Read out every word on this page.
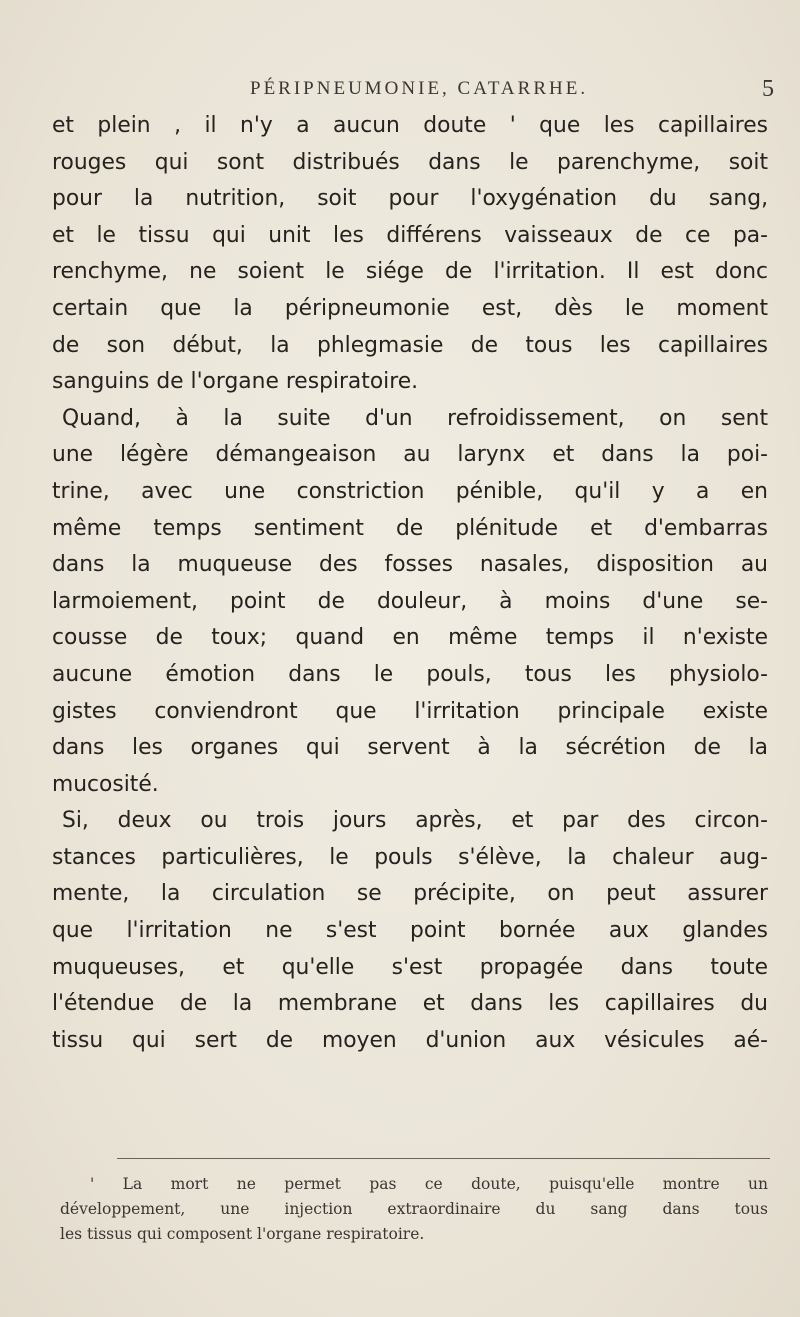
PÉRIPNEUMONIE, CATARRHE.	5
et plein , il n'y a aucun doute ' que les capillaires
rouges qui sont distribués dans le parenchyme, soit
pour la nutrition, soit pour l'oxygénation du sang,
et le tissu qui unit les différens vaisseaux de ce pa-
renchyme, ne soient le siége de l'irritation. Il est donc
certain que la péripneumonie est, dès le moment
de son début, la phlegmasie de tous les capillaires
sanguins de l'organe respiratoire.
Quand, à la suite d'un refroidissement, on sent
une légère démangeaison au larynx et dans la poi-
trine, avec une constriction pénible, qu'il y a en
même temps sentiment de plénitude et d'embarras
dans la muqueuse des fosses nasales, disposition au
larmoiement, point de douleur, à moins d'une se-
cousse de toux; quand en même temps il n'existe
aucune émotion dans le pouls, tous les physiolo-
gistes conviendront que l'irritation principale existe
dans les organes qui servent à la sécrétion de la
mucosité.
Si, deux ou trois jours après, et par des circon-
stances particulières, le pouls s'élève, la chaleur aug-
mente, la circulation se précipite, on peut assurer
que l'irritation ne s'est point bornée aux glandes
muqueuses, et qu'elle s'est propagée dans toute
l'étendue de la membrane et dans les capillaires du
tissu qui sert de moyen d'union aux vésicules aé-
' La mort ne permet pas ce doute, puisqu'elle montre un
développement, une injection extraordinaire du sang dans tous
les tissus qui composent l'organe respiratoire.
